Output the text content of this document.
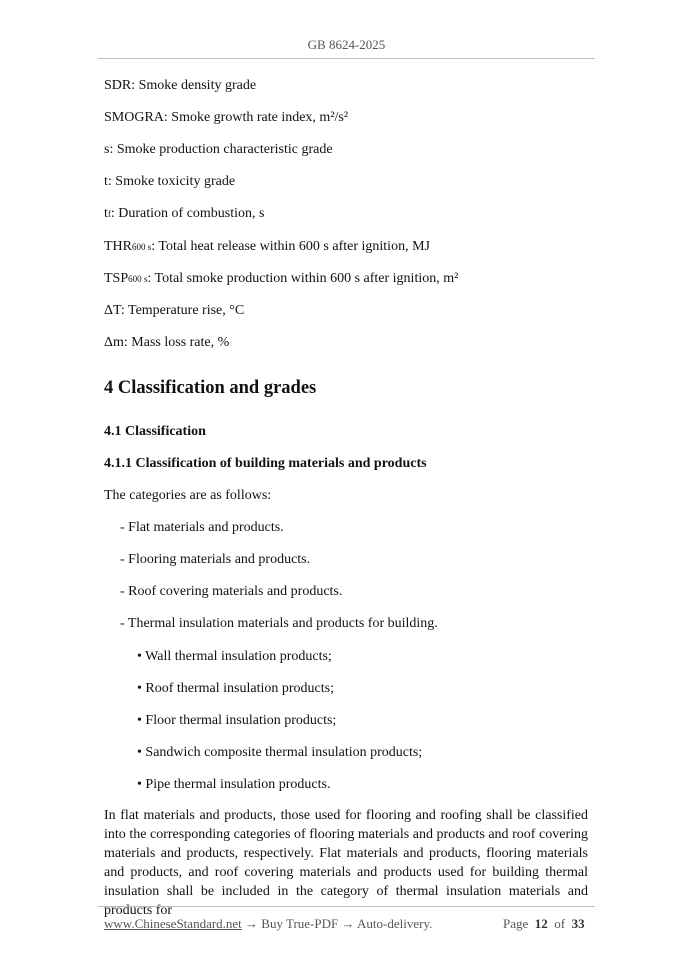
GB 8624-2025
SDR: Smoke density grade
SMOGRA: Smoke growth rate index, m²/s²
s: Smoke production characteristic grade
t: Smoke toxicity grade
tf: Duration of combustion, s
THR600 s: Total heat release within 600 s after ignition, MJ
TSP600 s: Total smoke production within 600 s after ignition, m²
ΔT: Temperature rise, °C
Δm: Mass loss rate, %
4 Classification and grades
4.1 Classification
4.1.1 Classification of building materials and products
The categories are as follows:
- Flat materials and products.
- Flooring materials and products.
- Roof covering materials and products.
- Thermal insulation materials and products for building.
• Wall thermal insulation products;
• Roof thermal insulation products;
• Floor thermal insulation products;
• Sandwich composite thermal insulation products;
• Pipe thermal insulation products.
In flat materials and products, those used for flooring and roofing shall be classified into the corresponding categories of flooring materials and products and roof covering materials and products, respectively. Flat materials and products, flooring materials and products, and roof covering materials and products used for building thermal insulation shall be included in the category of thermal insulation materials and products for
www.ChineseStandard.net → Buy True-PDF → Auto-delivery.	Page 12 of 33
